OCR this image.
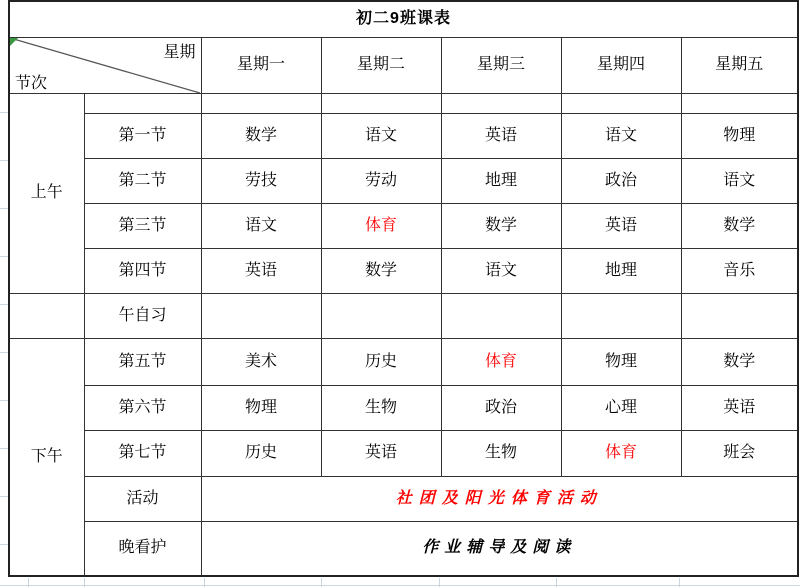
初二9班课表						

星期
节次		星期一	星期二	星期三	星期四	星期五
上午						
	第一节	数学	语文	英语	语文	物理
	第二节	劳技	劳动	地理	政治	语文
	第三节	语文	体育	数学	英语	数学
	第四节	英语	数学	语文	地理	音乐
	午自习					
下午	第五节	美术	历史	体育	物理	数学
	第六节	物理	生物	政治	心理	英语
	第七节	历史	英语	生物	体育	班会
	活动	社团及阳光体育活动				
	晚看护	作业辅导及阅读				
